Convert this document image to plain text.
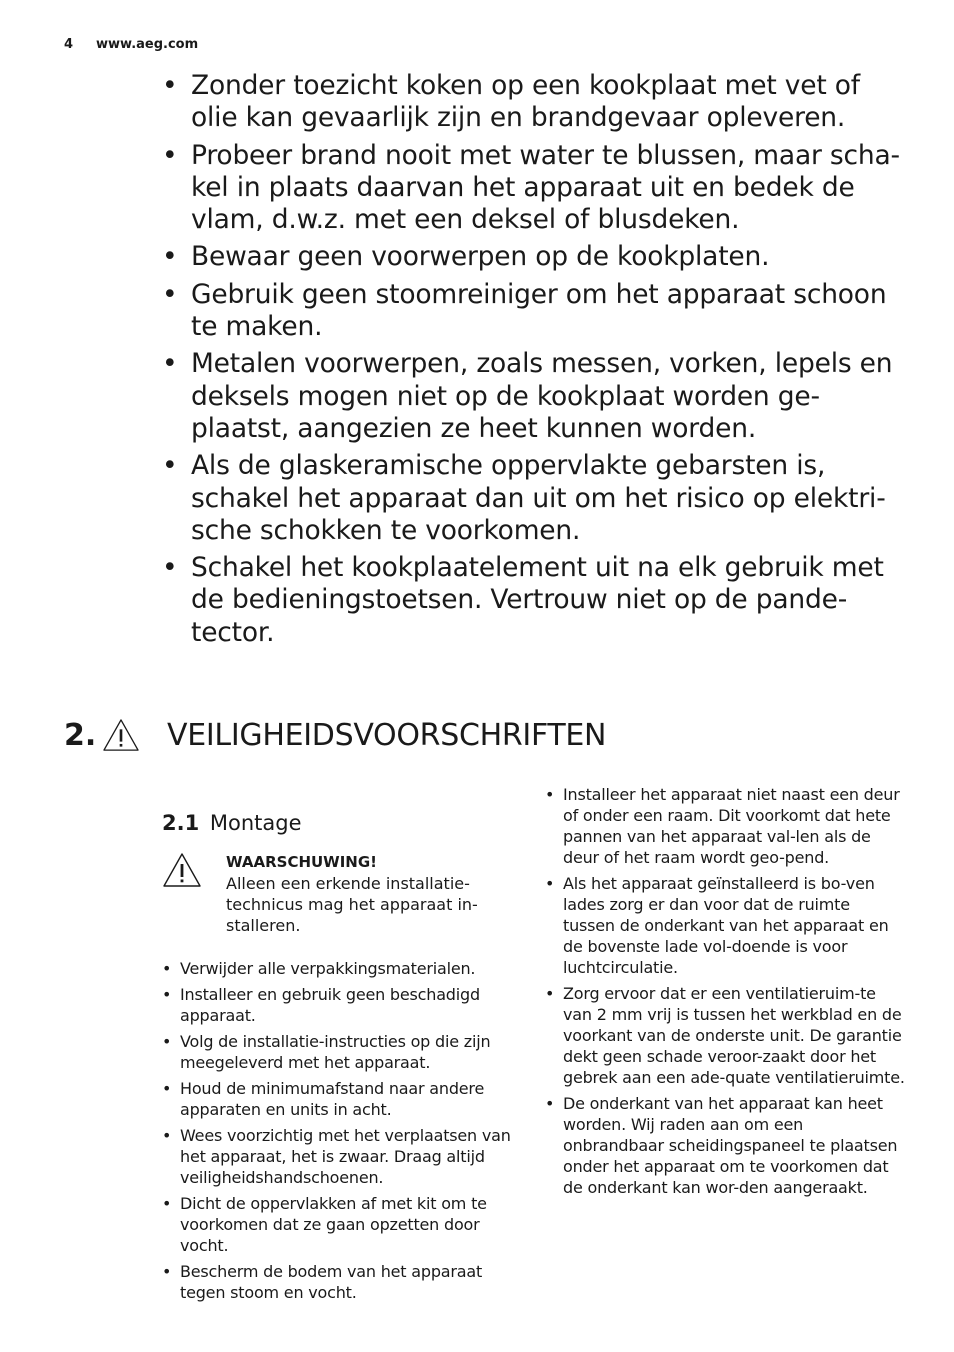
4 www.aeg.com
• Zonder toezicht koken op een kookplaat met vet of olie kan gevaarlijk zijn en brandgevaar opleveren.
• Probeer brand nooit met water te blussen, maar scha-kel in plaats daarvan het apparaat uit en bedek de vlam, d.w.z. met een deksel of blusdeken.
• Bewaar geen voorwerpen op de kookplaten.
• Gebruik geen stoomreiniger om het apparaat schoon te maken.
• Metalen voorwerpen, zoals messen, vorken, lepels en deksels mogen niet op de kookplaat worden ge-plaatst, aangezien ze heet kunnen worden.
• Als de glaskeramische oppervlakte gebarsten is, schakel het apparaat dan uit om het risico op elektri-sche schokken te voorkomen.
• Schakel het kookplaatelement uit na elk gebruik met de bedieningstoetsen. Vertrouw niet op de pande-tector.
2. VEILIGHEIDSVOORSCHRIFTEN
2.1 Montage
WAARSCHUWING!
Alleen een erkende installatie-technicus mag het apparaat in-stalleren.
• Verwijder alle verpakkingsmaterialen.
• Installeer en gebruik geen beschadigd apparaat.
• Volg de installatie-instructies op die zijn meegeleverd met het apparaat.
• Houd de minimumafstand naar andere apparaten en units in acht.
• Wees voorzichtig met het verplaatsen van het apparaat, het is zwaar. Draag altijd veiligheidshandschoenen.
• Dicht de oppervlakken af met kit om te voorkomen dat ze gaan opzetten door vocht.
• Bescherm de bodem van het apparaat tegen stoom en vocht.
• Installeer het apparaat niet naast een deur of onder een raam. Dit voorkomt dat hete pannen van het apparaat val-len als de deur of het raam wordt geo-pend.
• Als het apparaat geïnstalleerd is bo-ven lades zorg er dan voor dat de ruimte tussen de onderkant van het apparaat en de bovenste lade vol-doende is voor luchtcirculatie.
• Zorg ervoor dat er een ventilatieruim-te van 2 mm vrij is tussen het werkblad en de voorkant van de onderste unit. De garantie dekt geen schade veroor-zaakt door het gebrek aan een ade-quate ventilatieruimte.
• De onderkant van het apparaat kan heet worden. Wij raden aan om een onbrandbaar scheidingspaneel te plaatsen onder het apparaat om te voorkomen dat de onderkant kan wor-den aangeraakt.
